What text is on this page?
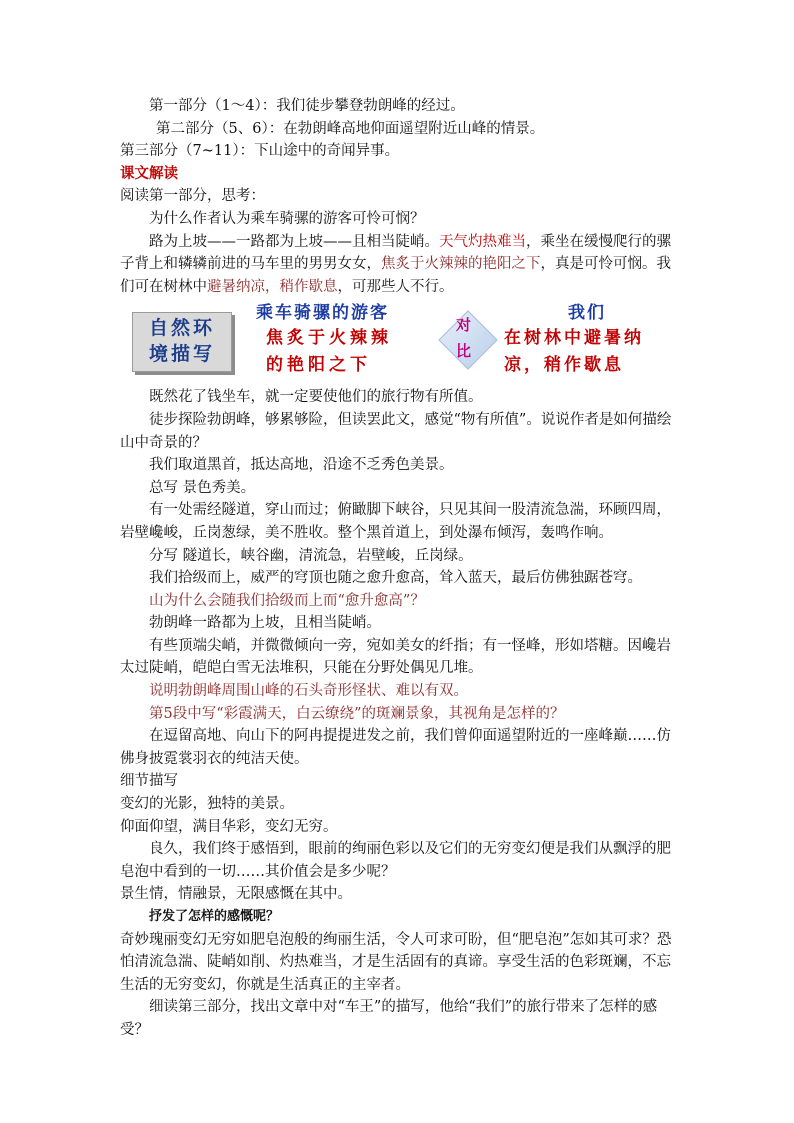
第一部分（1～4）：我们徒步攀登勃朗峰的经过。

第二部分（5、6）：在勃朗峰高地仰面遥望附近山峰的情景。

第三部分（7~11）：下山途中的奇闻异事。

课文解读

阅读第一部分，思考：

为什么作者认为乘车骑骡的游客可怜可悯？

路为上坡——一路都为上坡——且相当陡峭。天气灼热难当，乘坐在缓慢爬行的骡子背上和辚辚前进的马车里的男男女女，焦炙于火辣辣的艳阳之下，真是可怜可悯。我们可在树林中避暑纳凉，稍作歇息，可那些人不行。

自然环
境描写
乘车骑骡的游客
焦炙于火辣辣
的艳阳之下
对
比
我们
在树林中避暑纳
凉，稍作歇息

既然花了钱坐车，就一定要使他们的旅行物有所值。

徒步探险勃朗峰，够累够险，但读罢此文，感觉“物有所值”。说说作者是如何描绘山中奇景的？

我们取道黑首，抵达高地，沿途不乏秀色美景。

总写 景色秀美。

有一处需经隧道，穿山而过；俯瞰脚下峡谷，只见其间一股清流急湍，环顾四周，岩壁巉峻，丘岗葱绿，美不胜收。整个黑首道上，到处瀑布倾泻，轰鸣作响。

分写 隧道长，峡谷幽，清流急，岩壁峻，丘岗绿。

我们拾级而上，威严的穹顶也随之愈升愈高，耸入蓝天，最后仿佛独踞苍穹。

山为什么会随我们拾级而上而“愈升愈高”？

勃朗峰一路都为上坡，且相当陡峭。

有些顶端尖峭，并微微倾向一旁，宛如美女的纤指；有一怪峰，形如塔糖。因巉岩太过陡峭，皑皑白雪无法堆积，只能在分野处偶见几堆。

说明勃朗峰周围山峰的石头奇形怪状、难以有双。

第5段中写“彩霞满天，白云缭绕”的斑斓景象，其视角是怎样的？

在逗留高地、向山下的阿冉提提进发之前，我们曾仰面遥望附近的一座峰巅……仿佛身披霓裳羽衣的纯洁天使。

细节描写

变幻的光影，独特的美景。

仰面仰望，满目华彩，变幻无穷。

良久，我们终于感悟到，眼前的绚丽色彩以及它们的无穷变幻便是我们从飘浮的肥皂泡中看到的一切……其价值会是多少呢？

景生情，情融景，无限感慨在其中。

抒发了怎样的感慨呢？

奇妙瑰丽变幻无穷如肥皂泡般的绚丽生活，令人可求可盼，但“肥皂泡”怎如其可求？恐怕清流急湍、陡峭如削、灼热难当，才是生活固有的真谛。享受生活的色彩斑斓，不忘生活的无穷变幻，你就是生活真正的主宰者。

细读第三部分，找出文章中对“车王”的描写，他给“我们”的旅行带来了怎样的感受？
